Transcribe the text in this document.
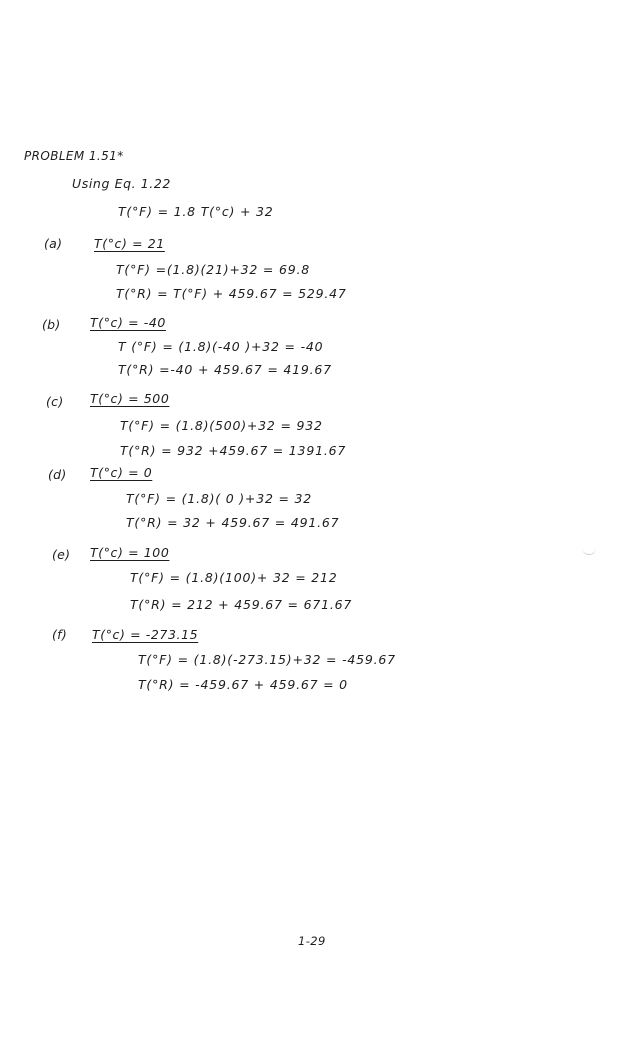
PROBLEM 1.51*
Using Eq. 1.22
T(°F) = 1.8 T(°c) + 32
(a)	T(°c) = 21
T(°F) =(1.8)(21)+32 = 69.8
T(°R) = T(°F) + 459.67 = 529.47
(b) T(°c) = -40
T (°F) = (1.8)(-40 )+32 = -40
T(°R) =-40 + 459.67 = 419.67
(c) T(°c) = 500
T(°F) = (1.8)(500)+32 = 932
T(°R) = 932 +459.67 = 1391.67
(d) T(°c) = 0
T(°F) = (1.8)( 0 )+32 = 32
T(°R) = 32 + 459.67 = 491.67
(e) T(°c) = 100
T(°F) = (1.8)(100)+ 32 = 212
T(°R) = 212 + 459.67 = 671.67
(f) T(°c) = -273.15
T(°F) = (1.8)(-273.15)+32 = -459.67
T(°R) = -459.67 + 459.67 = 0
1-29
